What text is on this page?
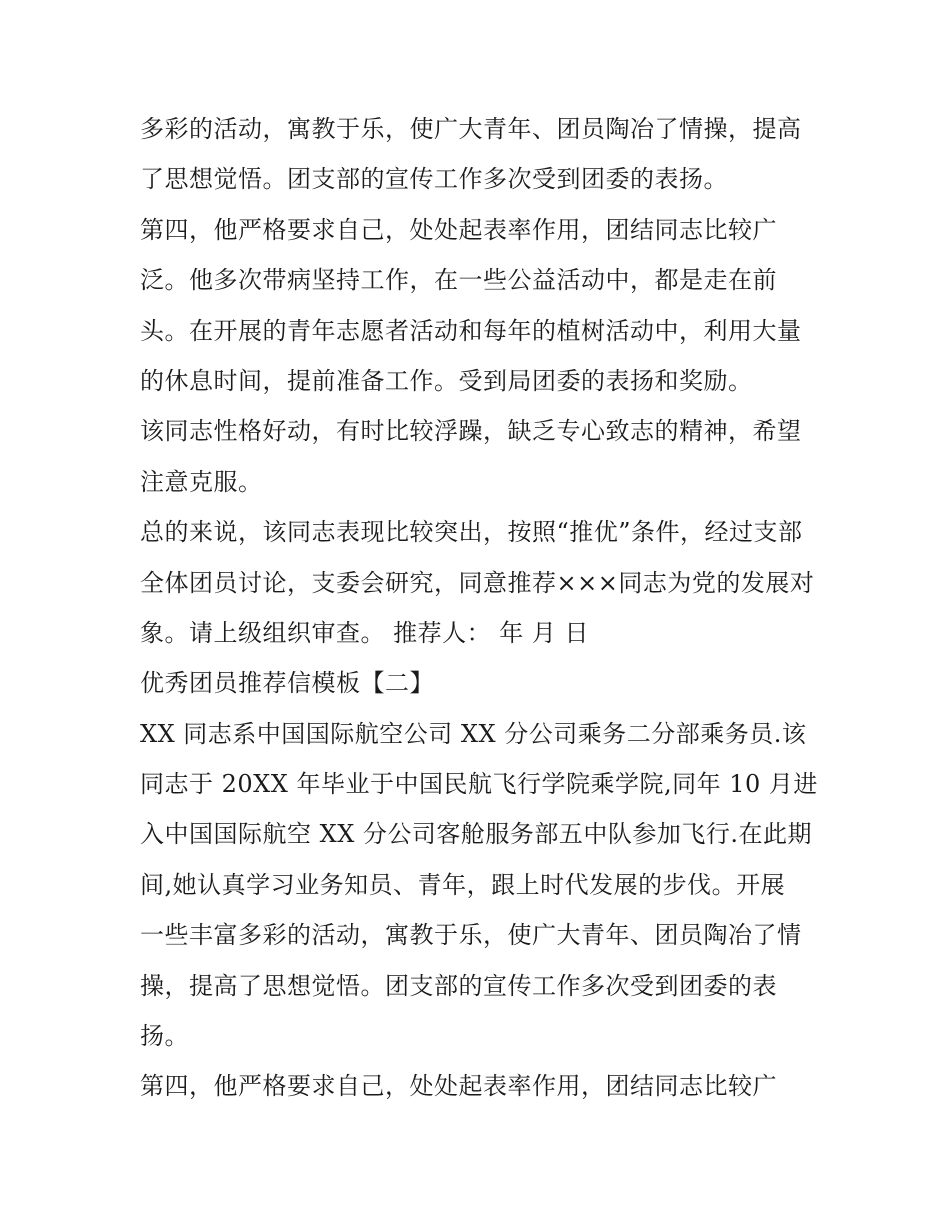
多彩的活动，寓教于乐，使广大青年、团员陶冶了情操，提高
了思想觉悟。团支部的宣传工作多次受到团委的表扬。
第四，他严格要求自己，处处起表率作用，团结同志比较广
泛。他多次带病坚持工作，在一些公益活动中，都是走在前
头。在开展的青年志愿者活动和每年的植树活动中，利用大量
的休息时间，提前准备工作。受到局团委的表扬和奖励。
该同志性格好动，有时比较浮躁，缺乏专心致志的精神，希望
注意克服。
总的来说，该同志表现比较突出，按照“推优”条件，经过支部
全体团员讨论，支委会研究，同意推荐×××同志为党的发展对
象。请上级组织审查。 推荐人： 年 月 日
优秀团员推荐信模板【二】
XX 同志系中国国际航空公司 XX 分公司乘务二分部乘务员.该
同志于 20XX 年毕业于中国民航飞行学院乘学院,同年 10 月进
入中国国际航空 XX 分公司客舱服务部五中队参加飞行.在此期
间,她认真学习业务知员、青年，跟上时代发展的步伐。开展
一些丰富多彩的活动，寓教于乐，使广大青年、团员陶冶了情
操，提高了思想觉悟。团支部的宣传工作多次受到团委的表
扬。
第四，他严格要求自己，处处起表率作用，团结同志比较广
